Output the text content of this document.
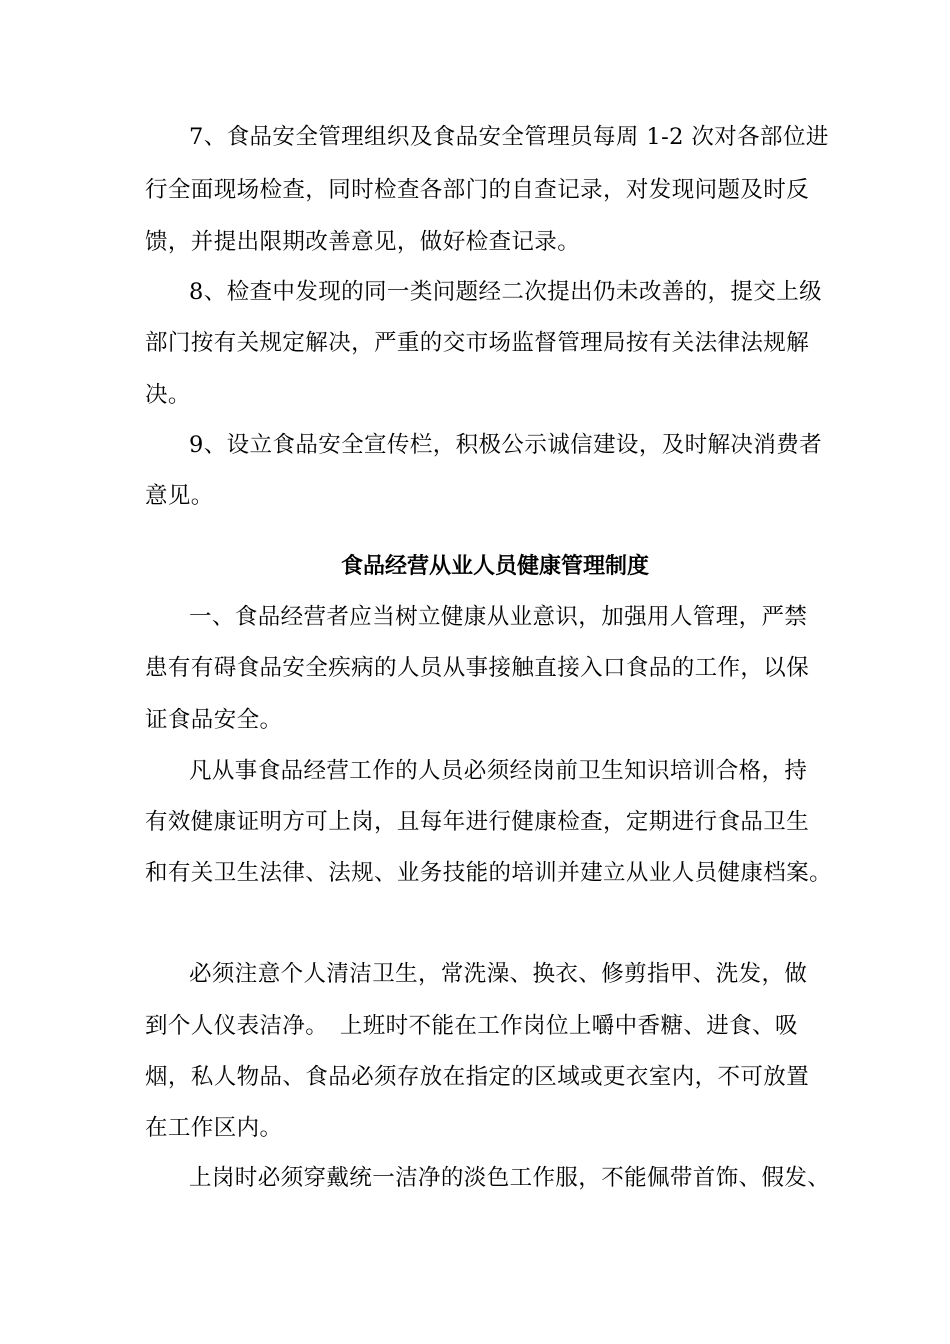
7、食品安全管理组织及食品安全管理员每周 1-2 次对各部位进
行全面现场检查，同时检查各部门的自查记录，对发现问题及时反
馈，并提出限期改善意见，做好检查记录。
8、检查中发现的同一类问题经二次提出仍未改善的，提交上级
部门按有关规定解决，严重的交市场监督管理局按有关法律法规解
决。
9、设立食品安全宣传栏，积极公示诚信建设，及时解决消费者
意见。
食品经营从业人员健康管理制度
一、食品经营者应当树立健康从业意识，加强用人管理，严禁
患有有碍食品安全疾病的人员从事接触直接入口食品的工作，以保
证食品安全。
凡从事食品经营工作的人员必须经岗前卫生知识培训合格，持
有效健康证明方可上岗，且每年进行健康检查，定期进行食品卫生
和有关卫生法律、法规、业务技能的培训并建立从业人员健康档案。
必须注意个人清洁卫生，常洗澡、换衣、修剪指甲、洗发，做
到个人仪表洁净。　上班时不能在工作岗位上嚼中香糖、进食、吸
烟，私人物品、食品必须存放在指定的区域或更衣室内，不可放置
在工作区内。
上岗时必须穿戴统一洁净的淡色工作服，不能佩带首饰、假发、
